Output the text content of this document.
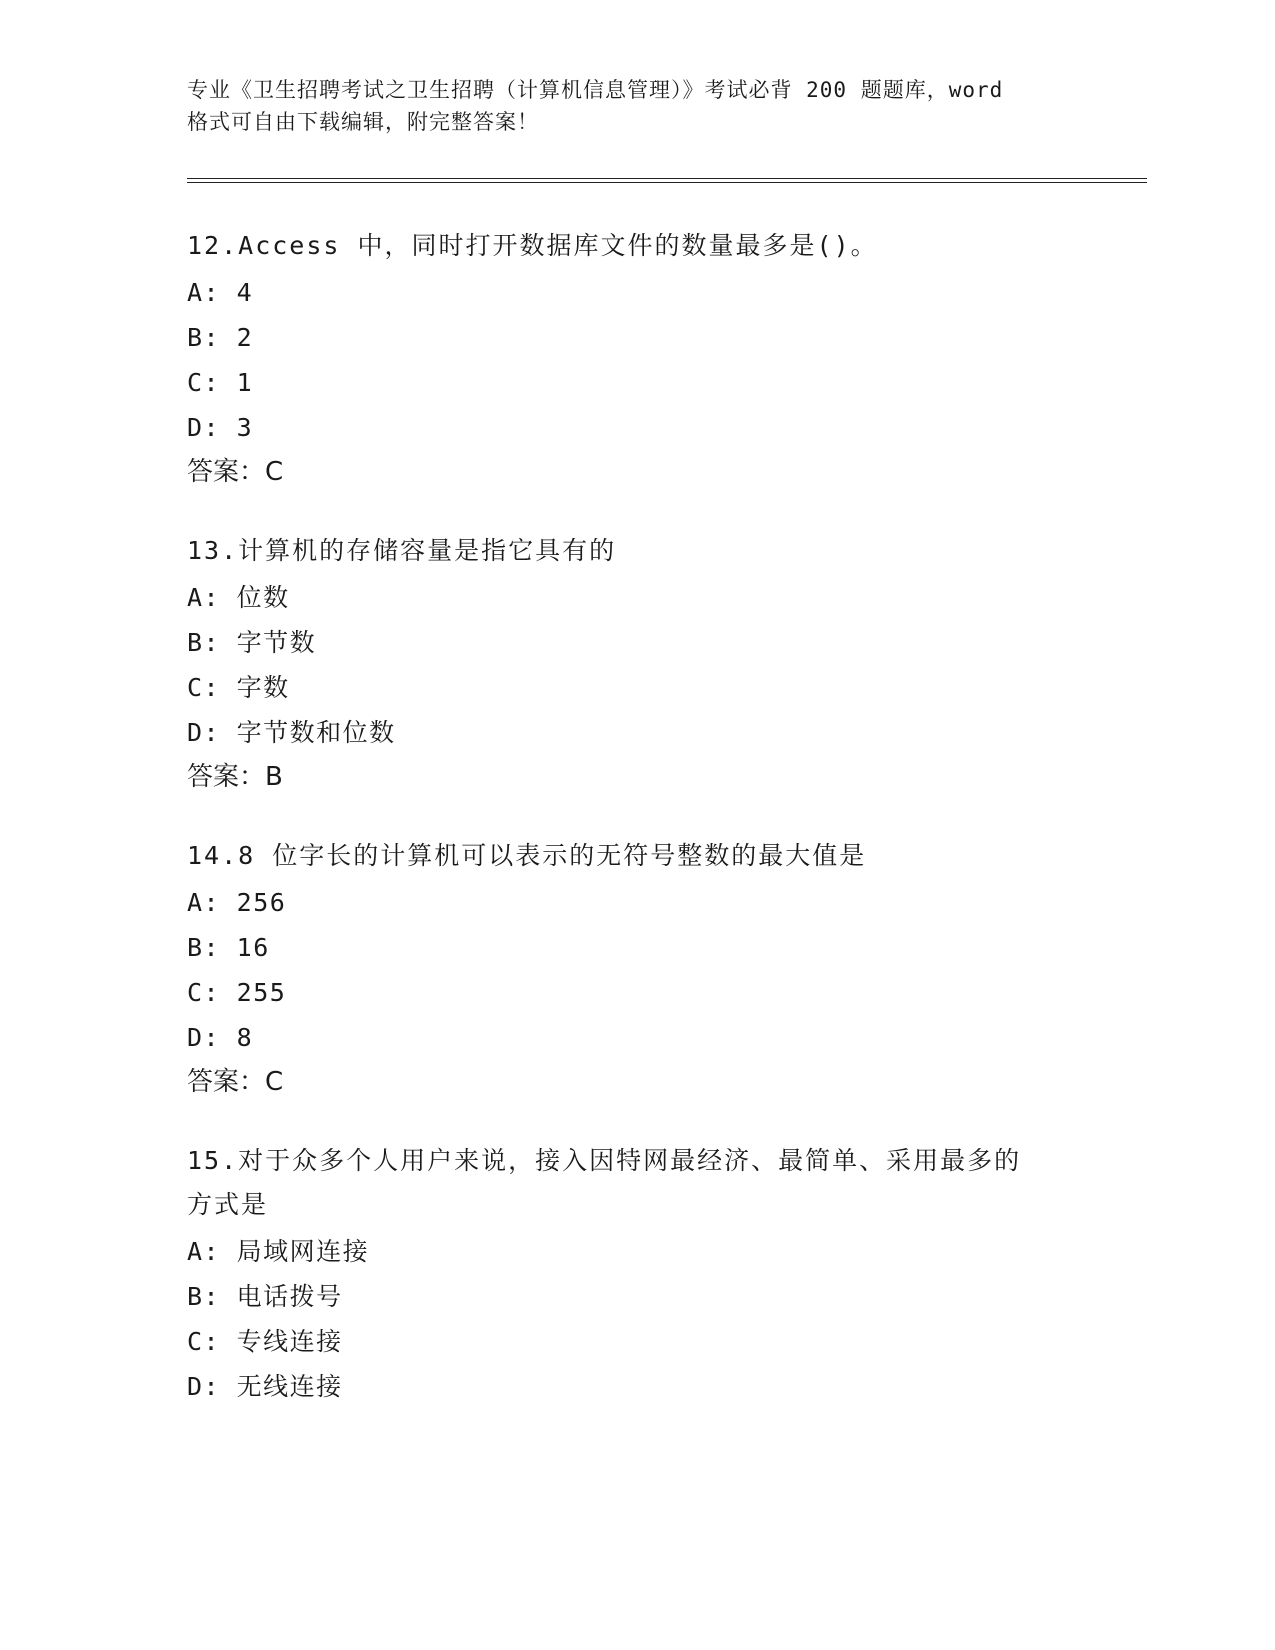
专业《卫生招聘考试之卫生招聘（计算机信息管理）》考试必背 200 题题库，word
格式可自由下载编辑，附完整答案！
12.Access 中，同时打开数据库文件的数量最多是()。
A: 4
B: 2
C: 1
D: 3
答案：C
13.计算机的存储容量是指它具有的
A: 位数
B: 字节数
C: 字数
D: 字节数和位数
答案：B
14.8 位字长的计算机可以表示的无符号整数的最大值是
A: 256
B: 16
C: 255
D: 8
答案：C
15.对于众多个人用户来说，接入因特网最经济、最简单、采用最多的
方式是
A: 局域网连接
B: 电话拨号
C: 专线连接
D: 无线连接
